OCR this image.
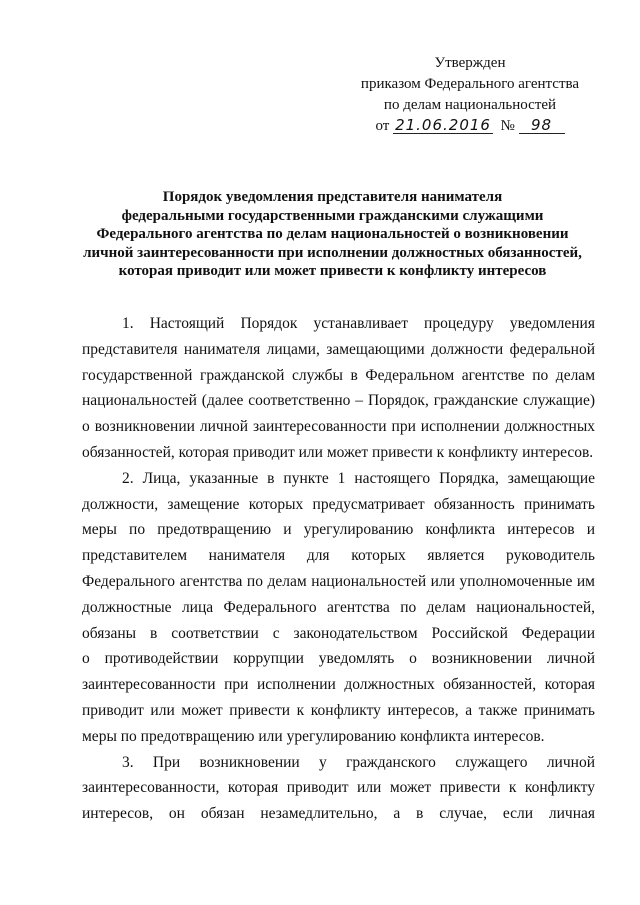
Утвержден
приказом Федерального агентства
по делам национальностей
от 21.06.2016 № 98
Порядок уведомления представителя нанимателя
федеральными государственными гражданскими служащими
Федерального агентства по делам национальностей о возникновении
личной заинтересованности при исполнении должностных обязанностей,
которая приводит или может привести к конфликту интересов
1. Настоящий Порядок устанавливает процедуру уведомления
представителя нанимателя лицами, замещающими должности федеральной
государственной гражданской службы в Федеральном агентстве по делам
национальностей (далее соответственно – Порядок, гражданские служащие)
о возникновении личной заинтересованности при исполнении должностных
обязанностей, которая приводит или может привести к конфликту интересов.
2. Лица, указанные в пункте 1 настоящего Порядка, замещающие
должности, замещение которых предусматривает обязанность принимать
меры по предотвращению и урегулированию конфликта интересов и
представителем нанимателя для которых является руководитель
Федерального агентства по делам национальностей или уполномоченные им
должностные лица Федерального агентства по делам национальностей,
обязаны в соответствии с законодательством Российской Федерации
о противодействии коррупции уведомлять о возникновении личной
заинтересованности при исполнении должностных обязанностей, которая
приводит или может привести к конфликту интересов, а также принимать
меры по предотвращению или урегулированию конфликта интересов.
3. При возникновении у гражданского служащего личной
заинтересованности, которая приводит или может привести к конфликту
интересов, он обязан незамедлительно, а в случае, если личная
